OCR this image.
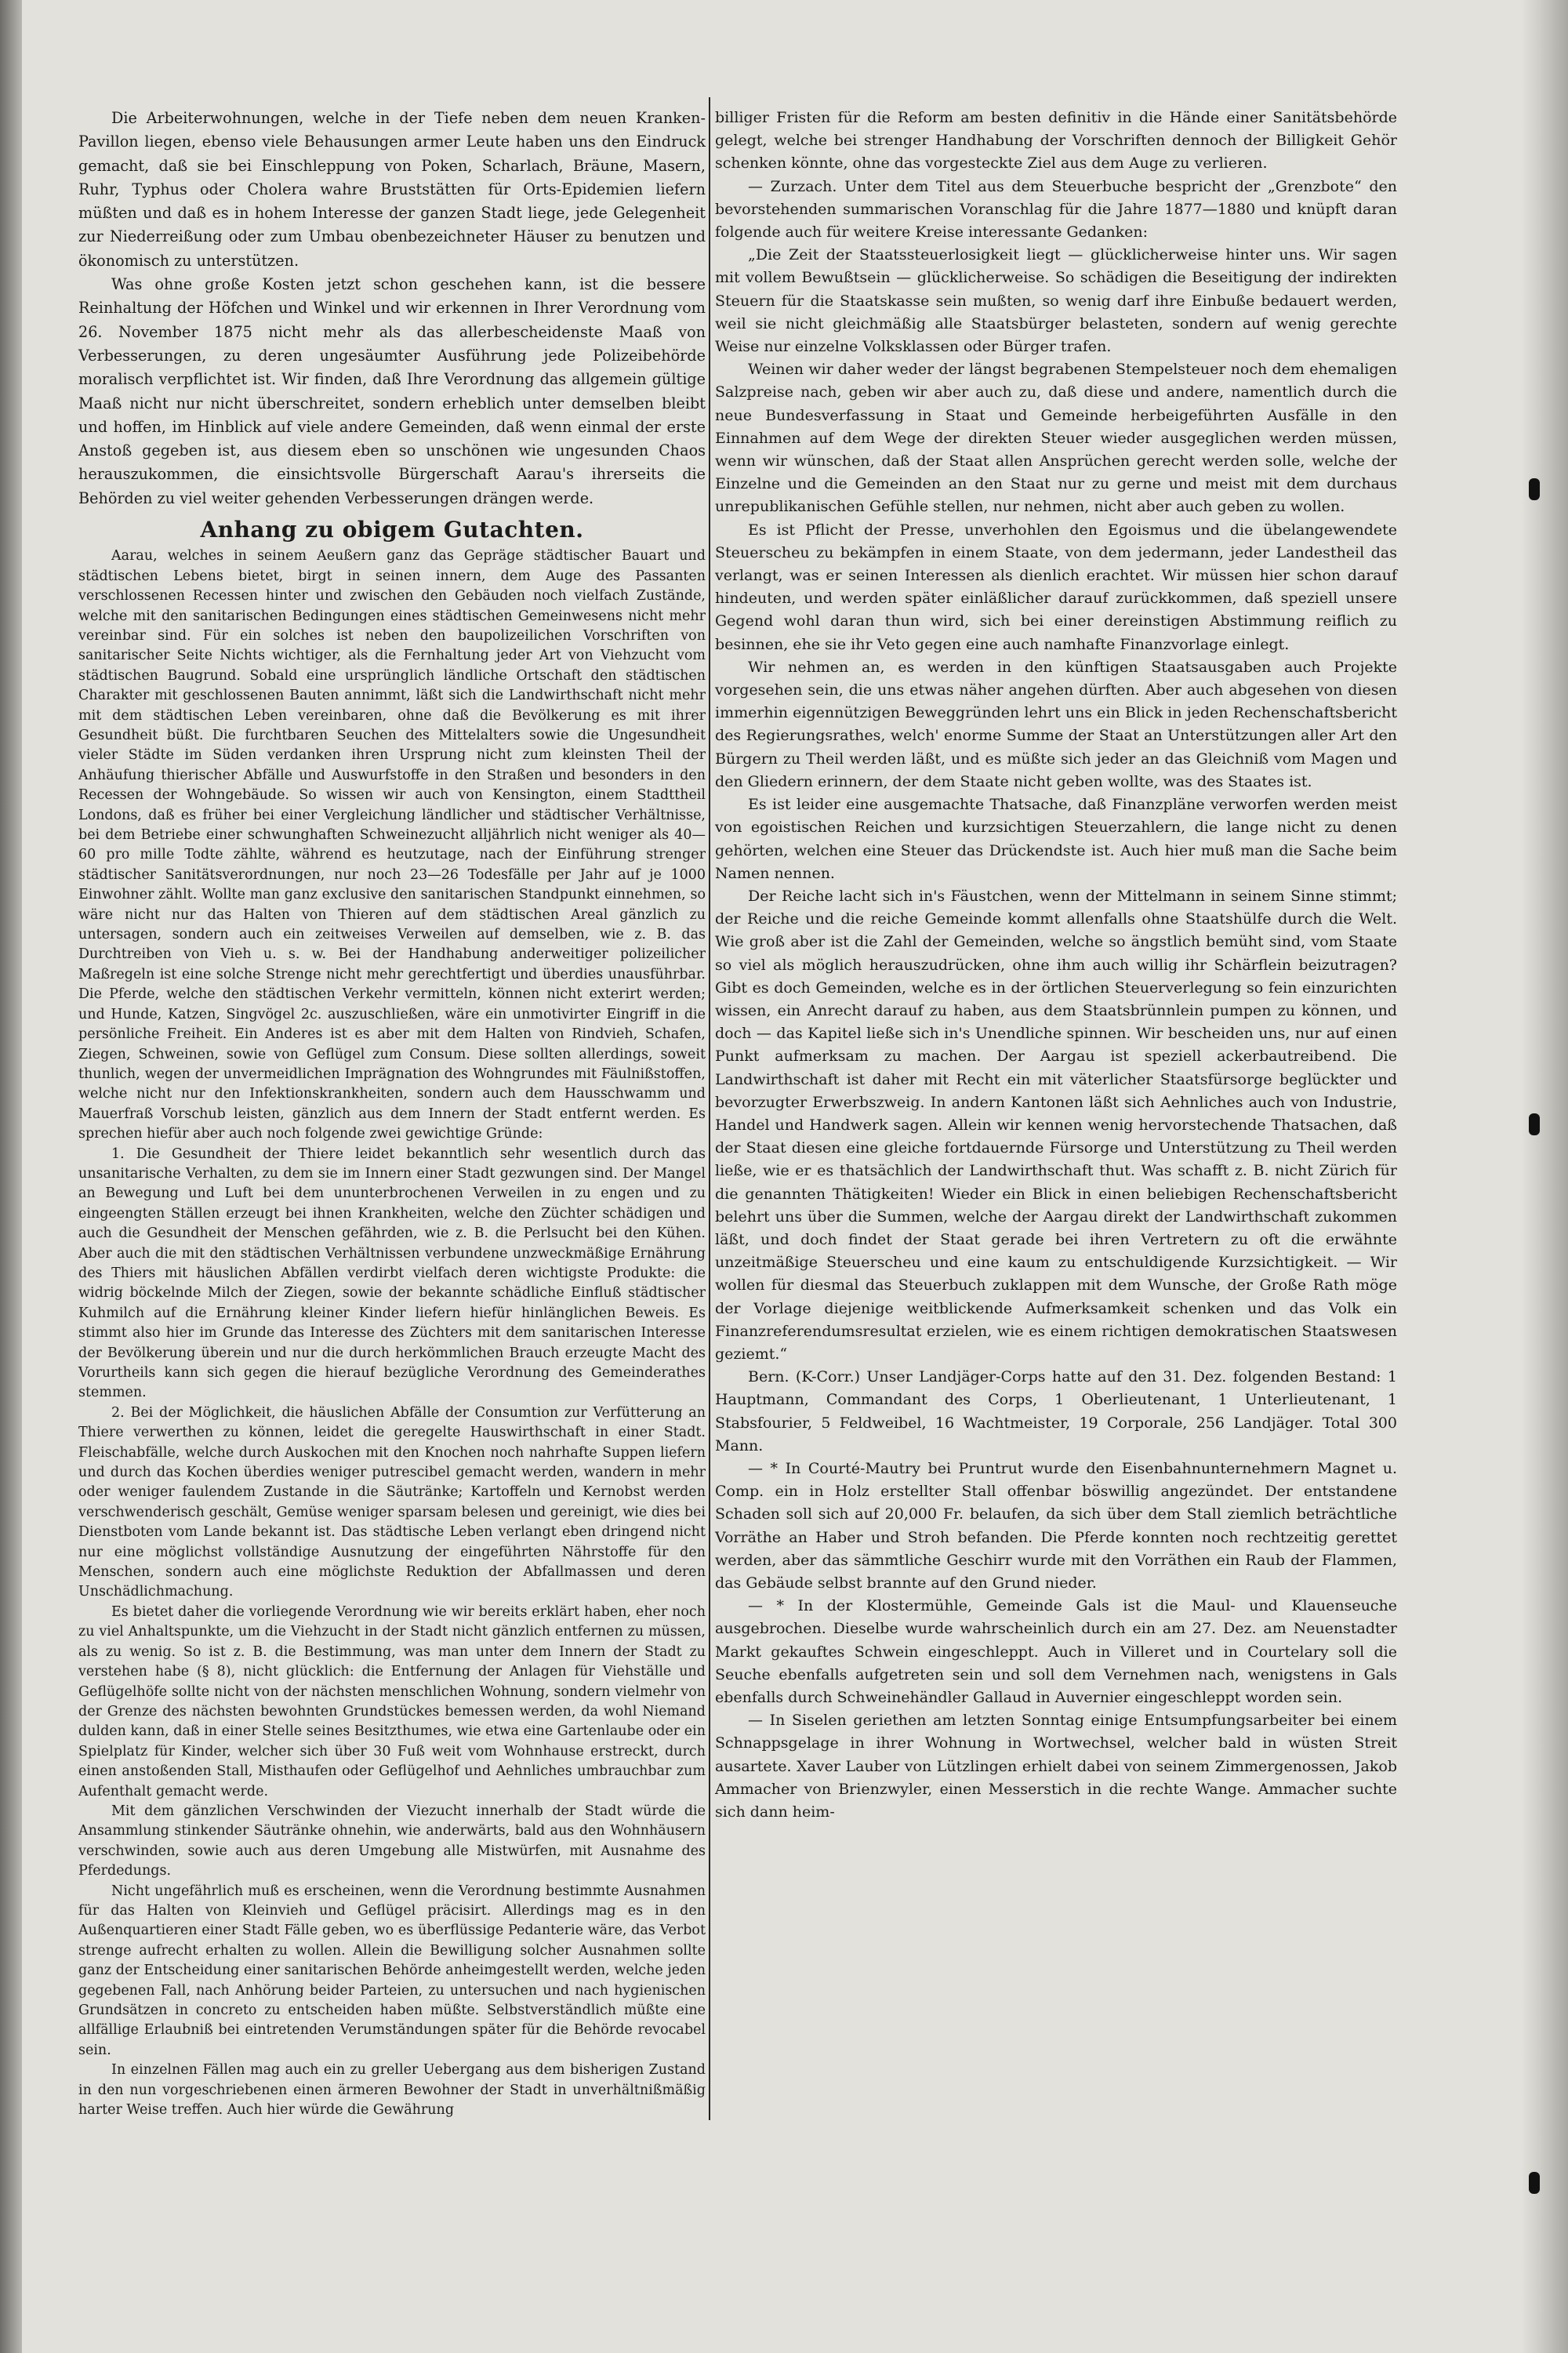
Die Arbeiterwohnungen, welche in der Tiefe neben dem neuen Kranken-Pavillon liegen, ebenso viele Behausungen armer Leute haben uns den Eindruck gemacht, daß sie bei Einschleppung von Poken, Scharlach, Bräune, Masern, Ruhr, Typhus oder Cholera wahre Bruststätten für Orts-Epidemien liefern müßten und daß es in hohem Interesse der ganzen Stadt liege, jede Gelegenheit zur Niederreißung oder zum Umbau obenbezeichneter Häuser zu benutzen und ökonomisch zu unterstützen.

Was ohne große Kosten jetzt schon geschehen kann, ist die bessere Reinhaltung der Höfchen und Winkel und wir erkennen in Ihrer Verordnung vom 26. November 1875 nicht mehr als das allerbescheidenste Maaß von Verbesserungen, zu deren ungesäumter Ausführung jede Polizeibehörde moralisch verpflichtet ist. Wir finden, daß Ihre Verordnung das allgemein gültige Maaß nicht nur nicht überschreitet, sondern erheblich unter demselben bleibt und hoffen, im Hinblick auf viele andere Gemeinden, daß wenn einmal der erste Anstoß gegeben ist, aus diesem eben so unschönen wie ungesunden Chaos herauszukommen, die einsichtsvolle Bürgerschaft Aarau's ihrerseits die Behörden zu viel weiter gehenden Verbesserungen drängen werde.

Anhang zu obigem Gutachten.

Aarau, welches in seinem Aeußern ganz das Gepräge städtischer Bauart und städtischen Lebens bietet, birgt in seinen innern, dem Auge des Passanten verschlossenen Recessen hinter und zwischen den Gebäuden noch vielfach Zustände, welche mit den sanitarischen Bedingungen eines städtischen Gemeinwesens nicht mehr vereinbar sind. Für ein solches ist neben den baupolizeilichen Vorschriften von sanitarischer Seite Nichts wichtiger, als die Fernhaltung jeder Art von Viehzucht vom städtischen Baugrund. Sobald eine ursprünglich ländliche Ortschaft den städtischen Charakter mit geschlossenen Bauten annimmt, läßt sich die Landwirthschaft nicht mehr mit dem städtischen Leben vereinbaren, ohne daß die Bevölkerung es mit ihrer Gesundheit büßt. Die furchtbaren Seuchen des Mittelalters sowie die Ungesundheit vieler Städte im Süden verdanken ihren Ursprung nicht zum kleinsten Theil der Anhäufung thierischer Abfälle und Auswurfstoffe in den Straßen und besonders in den Recessen der Wohngebäude. So wissen wir auch von Kensington, einem Stadttheil Londons, daß es früher bei einer Vergleichung ländlicher und städtischer Verhältnisse, bei dem Betriebe einer schwunghaften Schweinezucht alljährlich nicht weniger als 40—60 pro mille Todte zählte, während es heutzutage, nach der Einführung strenger städtischer Sanitätsverordnungen, nur noch 23—26 Todesfälle per Jahr auf je 1000 Einwohner zählt. Wollte man ganz exclusive den sanitarischen Standpunkt einnehmen, so wäre nicht nur das Halten von Thieren auf dem städtischen Areal gänzlich zu untersagen, sondern auch ein zeitweises Verweilen auf demselben, wie z. B. das Durchtreiben von Vieh u. s. w. Bei der Handhabung anderweitiger polizeilicher Maßregeln ist eine solche Strenge nicht mehr gerechtfertigt und überdies unausführbar. Die Pferde, welche den städtischen Verkehr vermitteln, können nicht exterirt werden; und Hunde, Katzen, Singvögel 2c. auszuschließen, wäre ein unmotivirter Eingriff in die persönliche Freiheit. Ein Anderes ist es aber mit dem Halten von Rindvieh, Schafen, Ziegen, Schweinen, sowie von Geflügel zum Consum. Diese sollten allerdings, soweit thunlich, wegen der unvermeidlichen Imprägnation des Wohngrundes mit Fäulnißstoffen, welche nicht nur den Infektionskrankheiten, sondern auch dem Hausschwamm und Mauerfraß Vorschub leisten, gänzlich aus dem Innern der Stadt entfernt werden. Es sprechen hiefür aber auch noch folgende zwei gewichtige Gründe:

1. Die Gesundheit der Thiere leidet bekanntlich sehr wesentlich durch das unsanitarische Verhalten, zu dem sie im Innern einer Stadt gezwungen sind. Der Mangel an Bewegung und Luft bei dem ununterbrochenen Verweilen in zu engen und zu eingeengten Ställen erzeugt bei ihnen Krankheiten, welche den Züchter schädigen und auch die Gesundheit der Menschen gefährden, wie z. B. die Perlsucht bei den Kühen. Aber auch die mit den städtischen Verhältnissen verbundene unzweckmäßige Ernährung des Thiers mit häuslichen Abfällen verdirbt vielfach deren wichtigste Produkte: die widrig böckelnde Milch der Ziegen, sowie der bekannte schädliche Einfluß städtischer Kuhmilch auf die Ernährung kleiner Kinder liefern hiefür hinlänglichen Beweis. Es stimmt also hier im Grunde das Interesse des Züchters mit dem sanitarischen Interesse der Bevölkerung überein und nur die durch herkömmlichen Brauch erzeugte Macht des Vorurtheils kann sich gegen die hierauf bezügliche Verordnung des Gemeinderathes stemmen.

2. Bei der Möglichkeit, die häuslichen Abfälle der Consumtion zur Verfütterung an Thiere verwerthen zu können, leidet die geregelte Hauswirthschaft in einer Stadt. Fleischabfälle, welche durch Auskochen mit den Knochen noch nahrhafte Suppen liefern und durch das Kochen überdies weniger putrescibel gemacht werden, wandern in mehr oder weniger faulendem Zustande in die Säutränke; Kartoffeln und Kernobst werden verschwenderisch geschält, Gemüse weniger sparsam belesen und gereinigt, wie dies bei Dienstboten vom Lande bekannt ist. Das städtische Leben verlangt eben dringend nicht nur eine möglichst vollständige Ausnutzung der eingeführten Nährstoffe für den Menschen, sondern auch eine möglichste Reduktion der Abfallmassen und deren Unschädlichmachung.

Es bietet daher die vorliegende Verordnung wie wir bereits erklärt haben, eher noch zu viel Anhaltspunkte, um die Viehzucht in der Stadt nicht gänzlich entfernen zu müssen, als zu wenig. So ist z. B. die Bestimmung, was man unter dem Innern der Stadt zu verstehen habe (§ 8), nicht glücklich: die Entfernung der Anlagen für Viehställe und Geflügelhöfe sollte nicht von der nächsten menschlichen Wohnung, sondern vielmehr von der Grenze des nächsten bewohnten Grundstückes bemessen werden, da wohl Niemand dulden kann, daß in einer Stelle seines Besitzthumes, wie etwa eine Gartenlaube oder ein Spielplatz für Kinder, welcher sich über 30 Fuß weit vom Wohnhause erstreckt, durch einen anstoßenden Stall, Misthaufen oder Geflügelhof und Aehnliches umbrauchbar zum Aufenthalt gemacht werde.

Mit dem gänzlichen Verschwinden der Viezucht innerhalb der Stadt würde die Ansammlung stinkender Säutränke ohnehin, wie anderwärts, bald aus den Wohnhäusern verschwinden, sowie auch aus deren Umgebung alle Mistwürfen, mit Ausnahme des Pferdedungs.

Nicht ungefährlich muß es erscheinen, wenn die Verordnung bestimmte Ausnahmen für das Halten von Kleinvieh und Geflügel präcisirt. Allerdings mag es in den Außenquartieren einer Stadt Fälle geben, wo es überflüssige Pedanterie wäre, das Verbot strenge aufrecht erhalten zu wollen. Allein die Bewilligung solcher Ausnahmen sollte ganz der Entscheidung einer sanitarischen Behörde anheimgestellt werden, welche jeden gegebenen Fall, nach Anhörung beider Parteien, zu untersuchen und nach hygienischen Grundsätzen in concreto zu entscheiden haben müßte. Selbstverständlich müßte eine allfällige Erlaubniß bei eintretenden Verumständungen später für die Behörde revocabel sein.

In einzelnen Fällen mag auch ein zu greller Uebergang aus dem bisherigen Zustand in den nun vorgeschriebenen einen ärmeren Bewohner der Stadt in unverhältnißmäßig harter Weise treffen. Auch hier würde die Gewährung

billiger Fristen für die Reform am besten definitiv in die Hände einer Sanitätsbehörde gelegt, welche bei strenger Handhabung der Vorschriften dennoch der Billigkeit Gehör schenken könnte, ohne das vorgesteckte Ziel aus dem Auge zu verlieren.

— Zurzach. Unter dem Titel aus dem Steuerbuche bespricht der „Grenzbote“ den bevorstehenden summarischen Voranschlag für die Jahre 1877—1880 und knüpft daran folgende auch für weitere Kreise interessante Gedanken:

„Die Zeit der Staatssteuerlosigkeit liegt — glücklicherweise hinter uns. Wir sagen mit vollem Bewußtsein — glücklicherweise. So schädigen die Beseitigung der indirekten Steuern für die Staatskasse sein mußten, so wenig darf ihre Einbuße bedauert werden, weil sie nicht gleichmäßig alle Staatsbürger belasteten, sondern auf wenig gerechte Weise nur einzelne Volksklassen oder Bürger trafen.

Weinen wir daher weder der längst begrabenen Stempelsteuer noch dem ehemaligen Salzpreise nach, geben wir aber auch zu, daß diese und andere, namentlich durch die neue Bundesverfassung in Staat und Gemeinde herbeigeführten Ausfälle in den Einnahmen auf dem Wege der direkten Steuer wieder ausgeglichen werden müssen, wenn wir wünschen, daß der Staat allen Ansprüchen gerecht werden solle, welche der Einzelne und die Gemeinden an den Staat nur zu gerne und meist mit dem durchaus unrepublikanischen Gefühle stellen, nur nehmen, nicht aber auch geben zu wollen.

Es ist Pflicht der Presse, unverhohlen den Egoismus und die übelangewendete Steuerscheu zu bekämpfen in einem Staate, von dem jedermann, jeder Landestheil das verlangt, was er seinen Interessen als dienlich erachtet. Wir müssen hier schon darauf hindeuten, und werden später einläßlicher darauf zurückkommen, daß speziell unsere Gegend wohl daran thun wird, sich bei einer dereinstigen Abstimmung reiflich zu besinnen, ehe sie ihr Veto gegen eine auch namhafte Finanzvorlage einlegt.

Wir nehmen an, es werden in den künftigen Staatsausgaben auch Projekte vorgesehen sein, die uns etwas näher angehen dürften. Aber auch abgesehen von diesen immerhin eigennützigen Beweggründen lehrt uns ein Blick in jeden Rechenschaftsbericht des Regierungsrathes, welch' enorme Summe der Staat an Unterstützungen aller Art den Bürgern zu Theil werden läßt, und es müßte sich jeder an das Gleichniß vom Magen und den Gliedern erinnern, der dem Staate nicht geben wollte, was des Staates ist.

Es ist leider eine ausgemachte Thatsache, daß Finanzpläne verworfen werden meist von egoistischen Reichen und kurzsichtigen Steuerzahlern, die lange nicht zu denen gehörten, welchen eine Steuer das Drückendste ist. Auch hier muß man die Sache beim Namen nennen.

Der Reiche lacht sich in's Fäustchen, wenn der Mittelmann in seinem Sinne stimmt; der Reiche und die reiche Gemeinde kommt allenfalls ohne Staatshülfe durch die Welt. Wie groß aber ist die Zahl der Gemeinden, welche so ängstlich bemüht sind, vom Staate so viel als möglich herauszudrücken, ohne ihm auch willig ihr Schärflein beizutragen? Gibt es doch Gemeinden, welche es in der örtlichen Steuerverlegung so fein einzurichten wissen, ein Anrecht darauf zu haben, aus dem Staatsbrünnlein pumpen zu können, und doch — das Kapitel ließe sich in's Unendliche spinnen. Wir bescheiden uns, nur auf einen Punkt aufmerksam zu machen. Der Aargau ist speziell ackerbautreibend. Die Landwirthschaft ist daher mit Recht ein mit väterlicher Staatsfürsorge beglückter und bevorzugter Erwerbszweig. In andern Kantonen läßt sich Aehnliches auch von Industrie, Handel und Handwerk sagen. Allein wir kennen wenig hervorstechende Thatsachen, daß der Staat diesen eine gleiche fortdauernde Fürsorge und Unterstützung zu Theil werden ließe, wie er es thatsächlich der Landwirthschaft thut. Was schafft z. B. nicht Zürich für die genannten Thätigkeiten! Wieder ein Blick in einen beliebigen Rechenschaftsbericht belehrt uns über die Summen, welche der Aargau direkt der Landwirthschaft zukommen läßt, und doch findet der Staat gerade bei ihren Vertretern zu oft die erwähnte unzeitmäßige Steuerscheu und eine kaum zu entschuldigende Kurzsichtigkeit. — Wir wollen für diesmal das Steuerbuch zuklappen mit dem Wunsche, der Große Rath möge der Vorlage diejenige weitblickende Aufmerksamkeit schenken und das Volk ein Finanzreferendumsresultat erzielen, wie es einem richtigen demokratischen Staatswesen geziemt.“

Bern. (K-Corr.) Unser Landjäger-Corps hatte auf den 31. Dez. folgenden Bestand: 1 Hauptmann, Commandant des Corps, 1 Oberlieutenant, 1 Unterlieutenant, 1 Stabsfourier, 5 Feldweibel, 16 Wachtmeister, 19 Corporale, 256 Landjäger. Total 300 Mann.

— * In Courté-Mautry bei Pruntrut wurde den Eisenbahnunternehmern Magnet u. Comp. ein in Holz erstellter Stall offenbar böswillig angezündet. Der entstandene Schaden soll sich auf 20,000 Fr. belaufen, da sich über dem Stall ziemlich beträchtliche Vorräthe an Haber und Stroh befanden. Die Pferde konnten noch rechtzeitig gerettet werden, aber das sämmtliche Geschirr wurde mit den Vorräthen ein Raub der Flammen, das Gebäude selbst brannte auf den Grund nieder.

— * In der Klostermühle, Gemeinde Gals ist die Maul- und Klauenseuche ausgebrochen. Dieselbe wurde wahrscheinlich durch ein am 27. Dez. am Neuenstadter Markt gekauftes Schwein eingeschleppt. Auch in Villeret und in Courtelary soll die Seuche ebenfalls aufgetreten sein und soll dem Vernehmen nach, wenigstens in Gals ebenfalls durch Schweinehändler Gallaud in Auvernier eingeschleppt worden sein.

— In Siselen geriethen am letzten Sonntag einige Entsumpfungsarbeiter bei einem Schnappsgelage in ihrer Wohnung in Wortwechsel, welcher bald in wüsten Streit ausartete. Xaver Lauber von Lützlingen erhielt dabei von seinem Zimmergenossen, Jakob Ammacher von Brienzwyler, einen Messerstich in die rechte Wange. Ammacher suchte sich dann heim-
